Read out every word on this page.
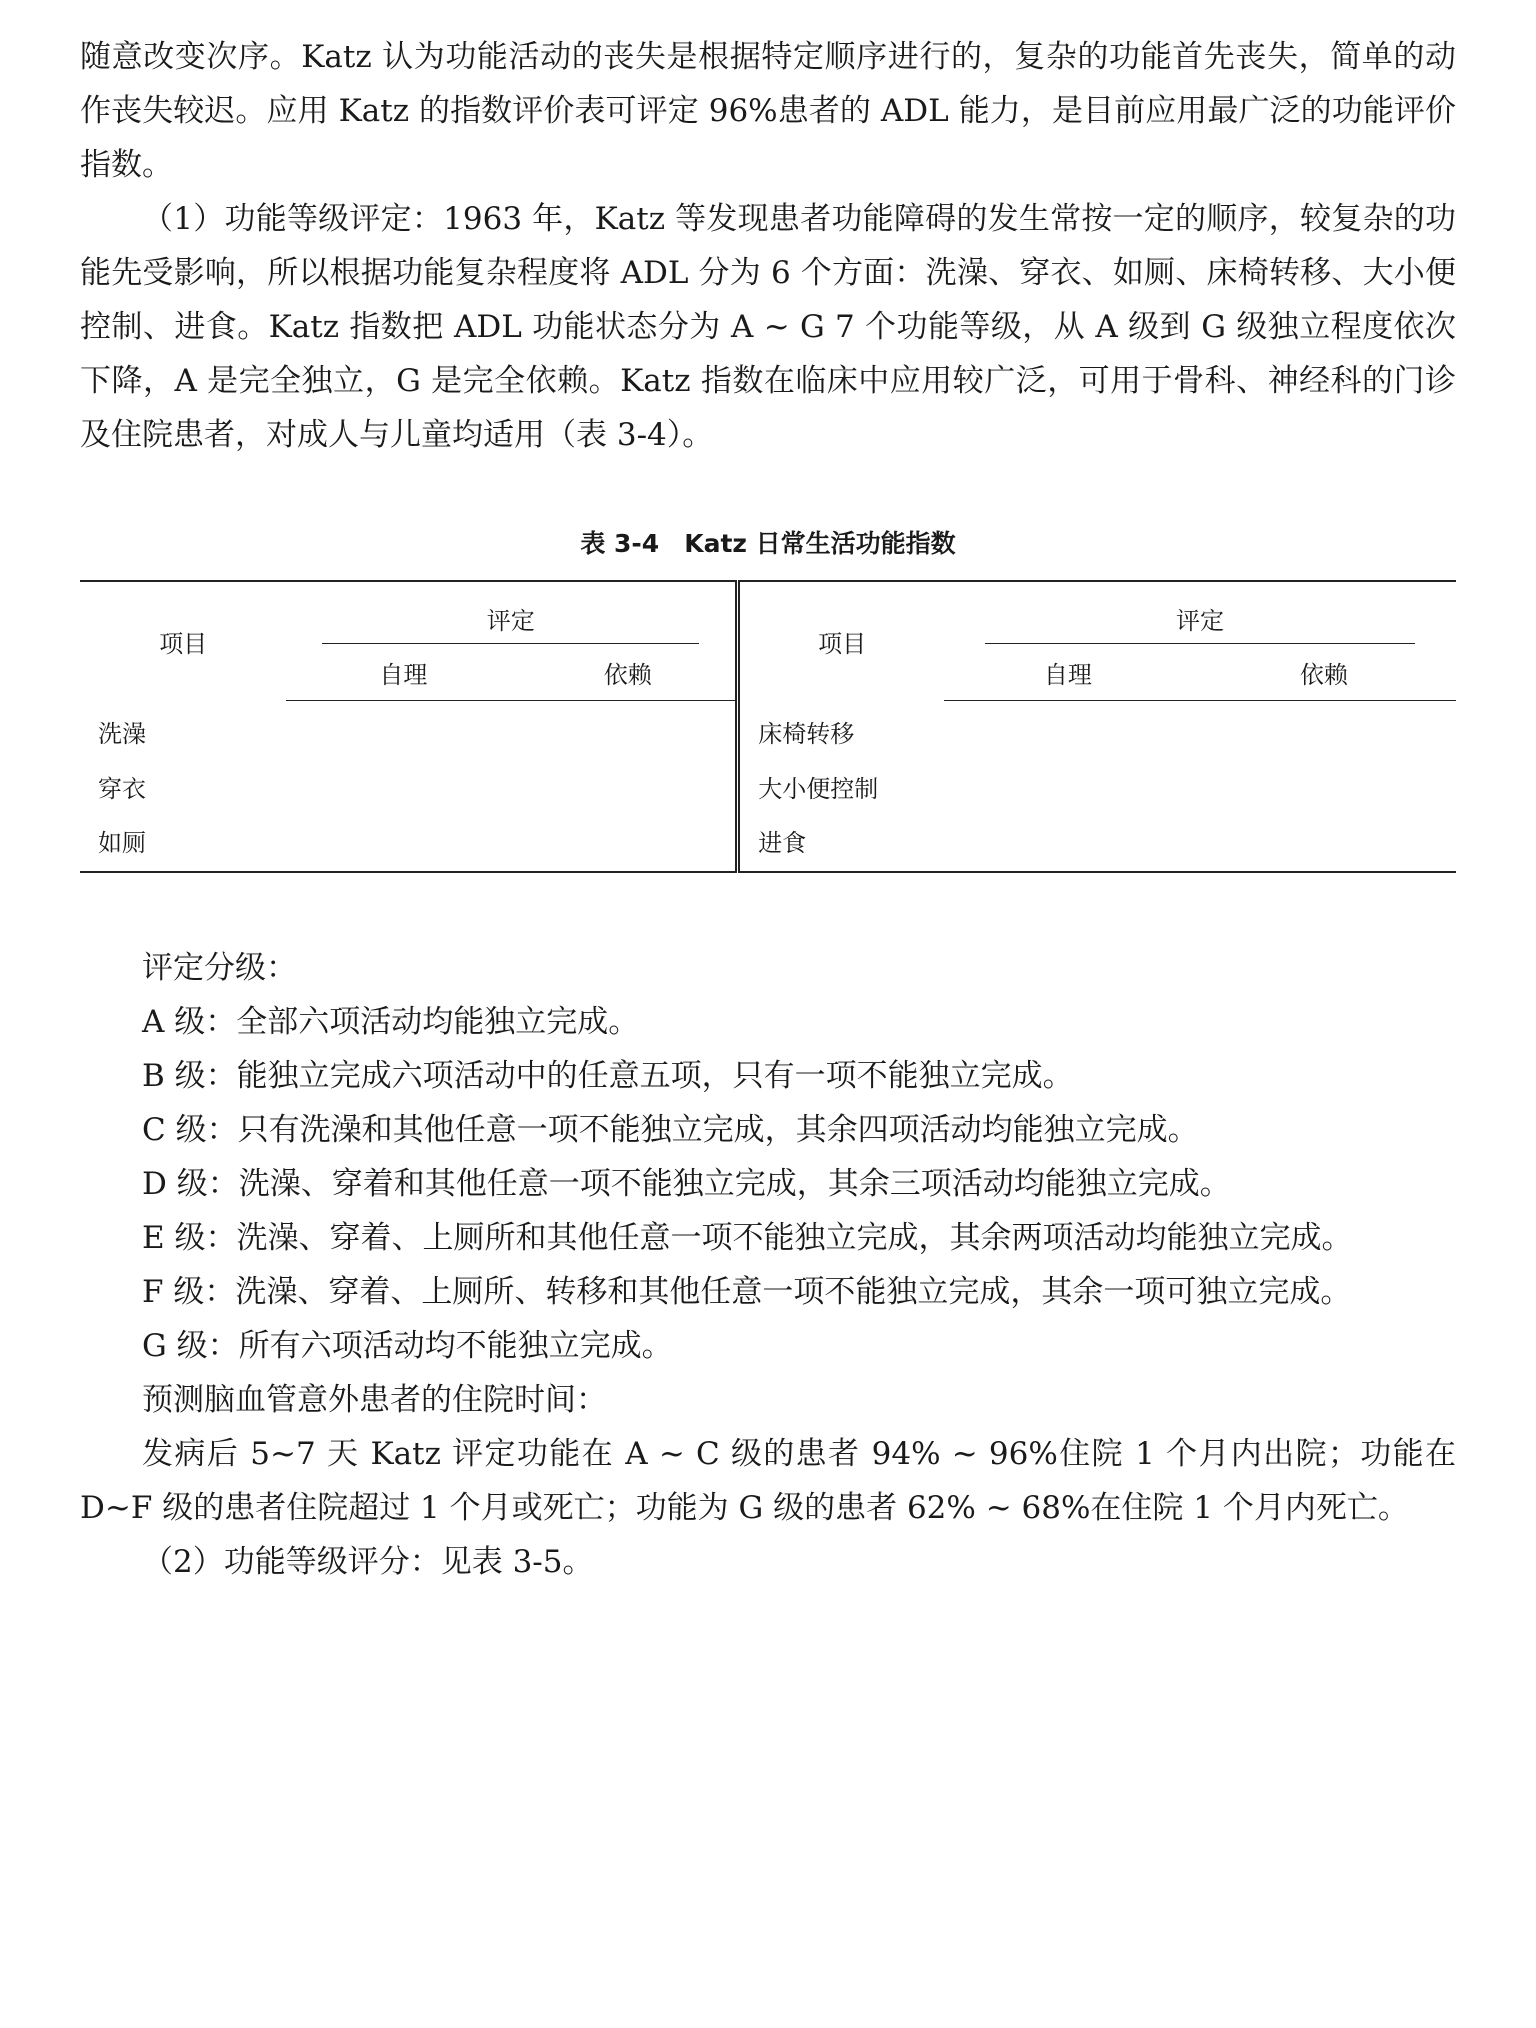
随意改变次序。Katz 认为功能活动的丧失是根据特定顺序进行的，复杂的功能首先丧失，简单的动作丧失较迟。应用 Katz 的指数评价表可评定 96%患者的 ADL 能力，是目前应用最广泛的功能评价指数。

（1）功能等级评定：1963 年，Katz 等发现患者功能障碍的发生常按一定的顺序，较复杂的功能先受影响，所以根据功能复杂程度将 ADL 分为 6 个方面：洗澡、穿衣、如厕、床椅转移、大小便控制、进食。Katz 指数把 ADL 功能状态分为 A ~ G 7 个功能等级，从 A 级到 G 级独立程度依次下降，A 是完全独立，G 是完全依赖。Katz 指数在临床中应用较广泛，可用于骨科、神经科的门诊及住院患者，对成人与儿童均适用（表 3-4）。

表 3-4　Katz 日常生活功能指数
项目	评定		项目	评定	
	自理	依赖		自理	依赖
洗澡			床椅转移		
穿衣			大小便控制		
如厕			进食		

评定分级：

A 级：全部六项活动均能独立完成。

B 级：能独立完成六项活动中的任意五项，只有一项不能独立完成。

C 级：只有洗澡和其他任意一项不能独立完成，其余四项活动均能独立完成。

D 级：洗澡、穿着和其他任意一项不能独立完成，其余三项活动均能独立完成。

E 级：洗澡、穿着、上厕所和其他任意一项不能独立完成，其余两项活动均能独立完成。

F 级：洗澡、穿着、上厕所、转移和其他任意一项不能独立完成，其余一项可独立完成。

G 级：所有六项活动均不能独立完成。

预测脑血管意外患者的住院时间：

发病后 5~7 天 Katz 评定功能在 A ~ C 级的患者 94% ~ 96%住院 1 个月内出院；功能在 D~F 级的患者住院超过 1 个月或死亡；功能为 G 级的患者 62% ~ 68%在住院 1 个月内死亡。

（2）功能等级评分：见表 3-5。
